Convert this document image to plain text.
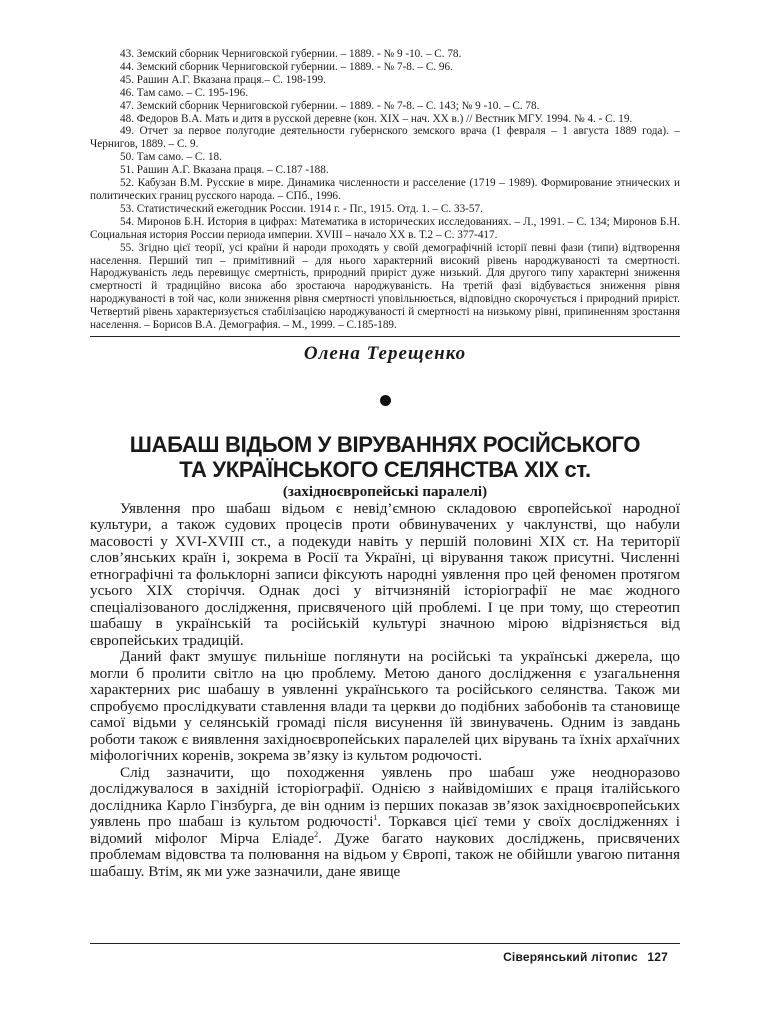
43. Земский сборник Черниговской губернии. – 1889. - № 9 -10. – С. 78.

44. Земский сборник Черниговской губернии. – 1889. - № 7-8. – С. 96.

45. Рашин А.Г. Вказана праця.– С. 198-199.

46. Там само. – С. 195-196.

47. Земский сборник Черниговской губернии. – 1889. - № 7-8. – С. 143; № 9 -10. – С. 78.

48. Федоров В.А. Мать и дитя в русской деревне (кон. XIX – нач. XX в.) // Вестник МГУ. 1994. № 4. - С. 19.

49. Отчет за первое полугодие деятельности губернского земского врача (1 февраля – 1 августа 1889 года). – Чернигов, 1889. – С. 9.

50. Там само. – С. 18.

51. Рашин А.Г. Вказана праця. – С.187 -188.

52. Кабузан В.М. Русские в мире. Динамика численности и расселение (1719 – 1989). Формирование этнических и политических границ русского народа. – СПб., 1996.

53. Статистический ежегодник России. 1914 г. - Пг., 1915. Отд. 1. – С. 33-57.

54. Миронов Б.Н. История в цифрах: Математика в исторических исследованиях. – Л., 1991. – С. 134; Миронов Б.Н. Социальная история России периода империи. XVIII – начало XX в. Т.2 – С. 377-417.

55. Згідно цієї теорії, усі країни й народи проходять у своїй демографічній історії певні фази (типи) відтворення населення. Перший тип – примітивний – для нього характерний високий рівень народжуваності та смертності. Народжуваність ледь перевищує смертність, природний приріст дуже низький. Для другого типу характерні зниження смертності й традиційно висока або зростаюча народжуваність. На третій фазі відбувається зниження рівня народжуваності в той час, коли зниження рівня смертності уповільнюється, відповідно скорочується і природний приріст. Четвертий рівень характеризується стабілізацією народжуваності й смертності на низькому рівні, припиненням зростання населення. – Борисов В.А. Демография. – М., 1999. – С.185-189.

Олена Терещенко

ШАБАШ ВІДЬОМ У ВІРУВАННЯХ РОСІЙСЬКОГО
ТА УКРАЇНСЬКОГО СЕЛЯНСТВА XIX ст.

(західноєвропейські паралелі)

Уявлення про шабаш відьом є невід’ємною складовою європейської народної культури, а також судових процесів проти обвинувачених у чаклунстві, що набули масовості у XVI-XVIII ст., а подекуди навіть у першій половині XIX ст. На території слов’янських країн і, зокрема в Росії та Україні, ці вірування також присутні. Численні етнографічні та фольклорні записи фіксують народні уявлення про цей феномен протягом усього XIX сторіччя. Однак досі у вітчизняній історіографії не має жодного спеціалізованого дослідження, присвяченого цій проблемі. І це при тому, що стереотип шабашу в українській та російській культурі значною мірою відрізняється від європейських традицій.

Даний факт змушує пильніше поглянути на російські та українські джерела, що могли б пролити світло на цю проблему. Метою даного дослідження є узагальнення характерних рис шабашу в уявленні українського та російського селянства. Також ми спробуємо прослідкувати ставлення влади та церкви до подібних забобонів та становище самої відьми у селянській громаді після висунення їй звинувачень. Одним із завдань роботи також є виявлення західноєвропейських паралелей цих вірувань та їхніх архаїчних міфологічних коренів, зокрема зв’язку із культом родючості.

Слід зазначити, що походження уявлень про шабаш уже неодноразово досліджувалося в західній історіографії. Однією з найвідоміших є праця італійського дослідника Карло Гінзбурга, де він одним із перших показав зв’язок західноєвропейських уявлень про шабаш із культом родючості$^1$. Торкався цієї теми у своїх дослідженнях і відомий міфолог Мірча Еліаде$^2$. Дуже багато наукових досліджень, присвячених проблемам відовства та полювання на відьом у Європі, також не обійшли увагою питання шабашу. Втім, як ми уже зазначили, дане явище

Сіверянський літопис 127
